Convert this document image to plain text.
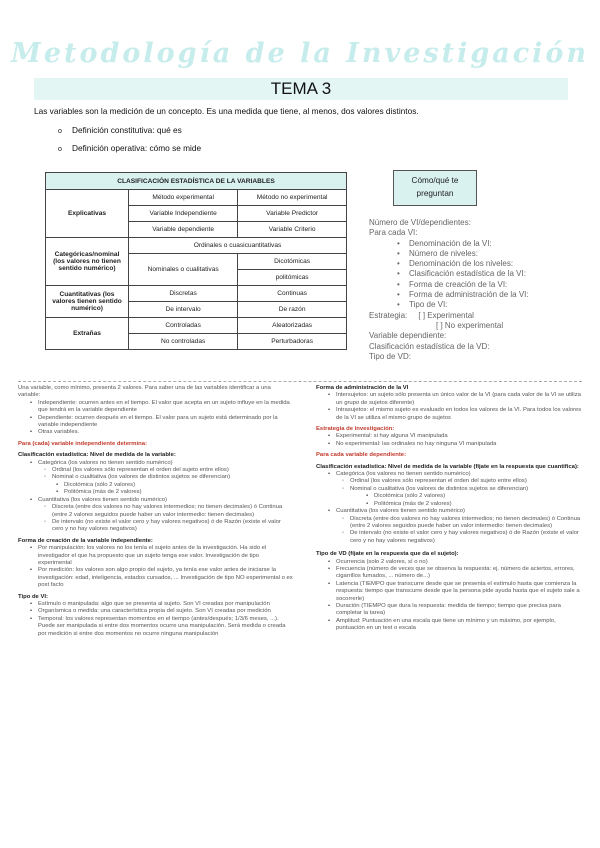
Metodología de la Investigación
TEMA 3
Las variables son la medición de un concepto. Es una medida que tiene, al menos, dos valores distintos.
o Definición constitutiva: qué es
o Definición operativa: cómo se mide
CLASIFICACIÓN ESTADÍSTICA DE LA VARIABLES		
Explicativas	Método experimental	Método no experimental
	Variable Independiente	Variable Predictor
	Variable dependiente	Variable Criterio
Categóricas/nominal (los valores no tienen sentido numérico)	Ordinales o cuasicuantitativas	
	Nominales o cualitativas	Dicotómicas
		politómicas
Cuantitativas (los valores tienen sentido numérico)	Discretas	Continuas
	De intervalo	De razón
Extrañas	Controladas	Aleatorizadas
	No controladas	Perturbadoras
Cómo/qué te
preguntan
Número de VI/dependientes:
Para cada VI:
• Denominación de la VI:
• Número de niveles:
• Denominación de los niveles:
• Clasificación estadística de la VI:
• Forma de creación de la VI:
• Forma de administración de la VI:
• Tipo de VI:
Estrategia: [ ] Experimental
[ ] No experimental
Variable dependiente:
Clasificación estadística de la VD:
Tipo de VD:
Una variable, como mínimo, presenta 2 valores. Para saber una de las variables identificar a una variable:
• Independiente: ocurren antes en el tiempo. El valor que acepta en un sujeto influye en la medida que tendrá en la variable dependiente
• Dependiente: ocurren después en el tiempo. El valor para un sujeto está determinado por la variable independiente
• Otras variables.
Para (cada) variable independiente determina:
Clasificación estadística: Nivel de medida de la variable:
• Categórica (los valores no tienen sentido numérico)
◦ Ordinal (los valores sólo representan el orden del sujeto entre ellos)
◦ Nominal o cualitativa (los valores de distintos sujetos se diferencian)
▪ Dicotómica (sólo 2 valores)
▪ Politómica (más de 2 valores)
• Cuantitativa (los valores tienen sentido numérico)
◦ Discreta (entre dos valores no hay valores intermedios; no tienen decimales) ó Continua (entre 2 valores seguidos puede haber un valor intermedio: tienen decimales)
◦ De intervalo (no existe el valor cero y hay valores negativos) ó de Razón (existe el valor cero y no hay valores negativos)
Forma de creación de la variable independiente:
• Por manipulación: los valores no los tenía el sujeto antes de la investigación. Ha sido el investigador el que ha propuesto que un sujeto tenga ese valor. Investigación de tipo experimental
• Por medición: los valores son algo propio del sujeto, ya tenía ese valor antes de iniciarse la investigación: edad, inteligencia, estados cursados, ... Investigación de tipo NO experimental o ex post facto
Tipo de VI:
• Estímulo o manipulada: algo que se presenta al sujeto. Son VI creadas por manipulación
• Organísmica o medida: una característica propia del sujeto. Son VI creadas por medición
• Temporal: los valores representan momentos en el tiempo (antes/después; 1/3/6 meses, ...). Puede ser manipulada si entre dos momentos ocurre una manipulación. Será medida o creada por medición si entre dos momentos no ocurre ninguna manipulación
Forma de administración de la VI
• Intersujetos: un sujeto sólo presenta un único valor de la VI (para cada valor de la VI se utiliza un grupo de sujetos diferente)
• Intrasujetos: el mismo sujeto es evaluado en todos los valores de la VI. Para todos los valores de la VI se utiliza el mismo grupo de sujetos
Estrategia de investigación:
• Experimental: si hay alguna VI manipulada
• No experimental: las ordinales no hay ninguna VI manipulada
Para cada variable dependiente:
Clasificación estadística: Nivel de medida de la variable (fíjate en la respuesta que cuantifica):
• Categórica (los valores no tienen sentido numérico)
◦ Ordinal (los valores sólo representan el orden del sujeto entre ellos)
◦ Nominal o cualitativa (los valores de distintos sujetos se diferencian)
▪ Dicotómica (sólo 2 valores)
▪ Politómica (más de 2 valores)
• Cuantitativa (los valores tienen sentido numérico)
◦ Discreta (entre dos valores no hay valores intermedios; no tienen decimales) ó Continua (entre 2 valores seguidos puede haber un valor intermedio: tienen decimales)
◦ De intervalo (no existe el valor cero y hay valores negativos) ó de Razón (existe el valor cero y no hay valores negativos)
Tipo de VD (fíjate en la respuesta que da el sujeto):
• Ocurrencia (solo 2 valores, sí o no)
• Frecuencia (número de veces que se observa la respuesta: ej. número de aciertos, errores, cigarrillos fumados, ... número de...)
• Latencia (TIEMPO que transcurre desde que se presenta el estímulo hasta que comienza la respuesta: tiempo que transcurre desde que la persona pide ayuda hasta que el sujeto sale a socorrerle)
• Duración (TIEMPO que dura la respuesta: medida de tiempo; tiempo que precisa para completar la tarea)
• Amplitud: Puntuación en una escala que tiene un mínimo y un máximo, por ejemplo, puntuación en un test o escala
